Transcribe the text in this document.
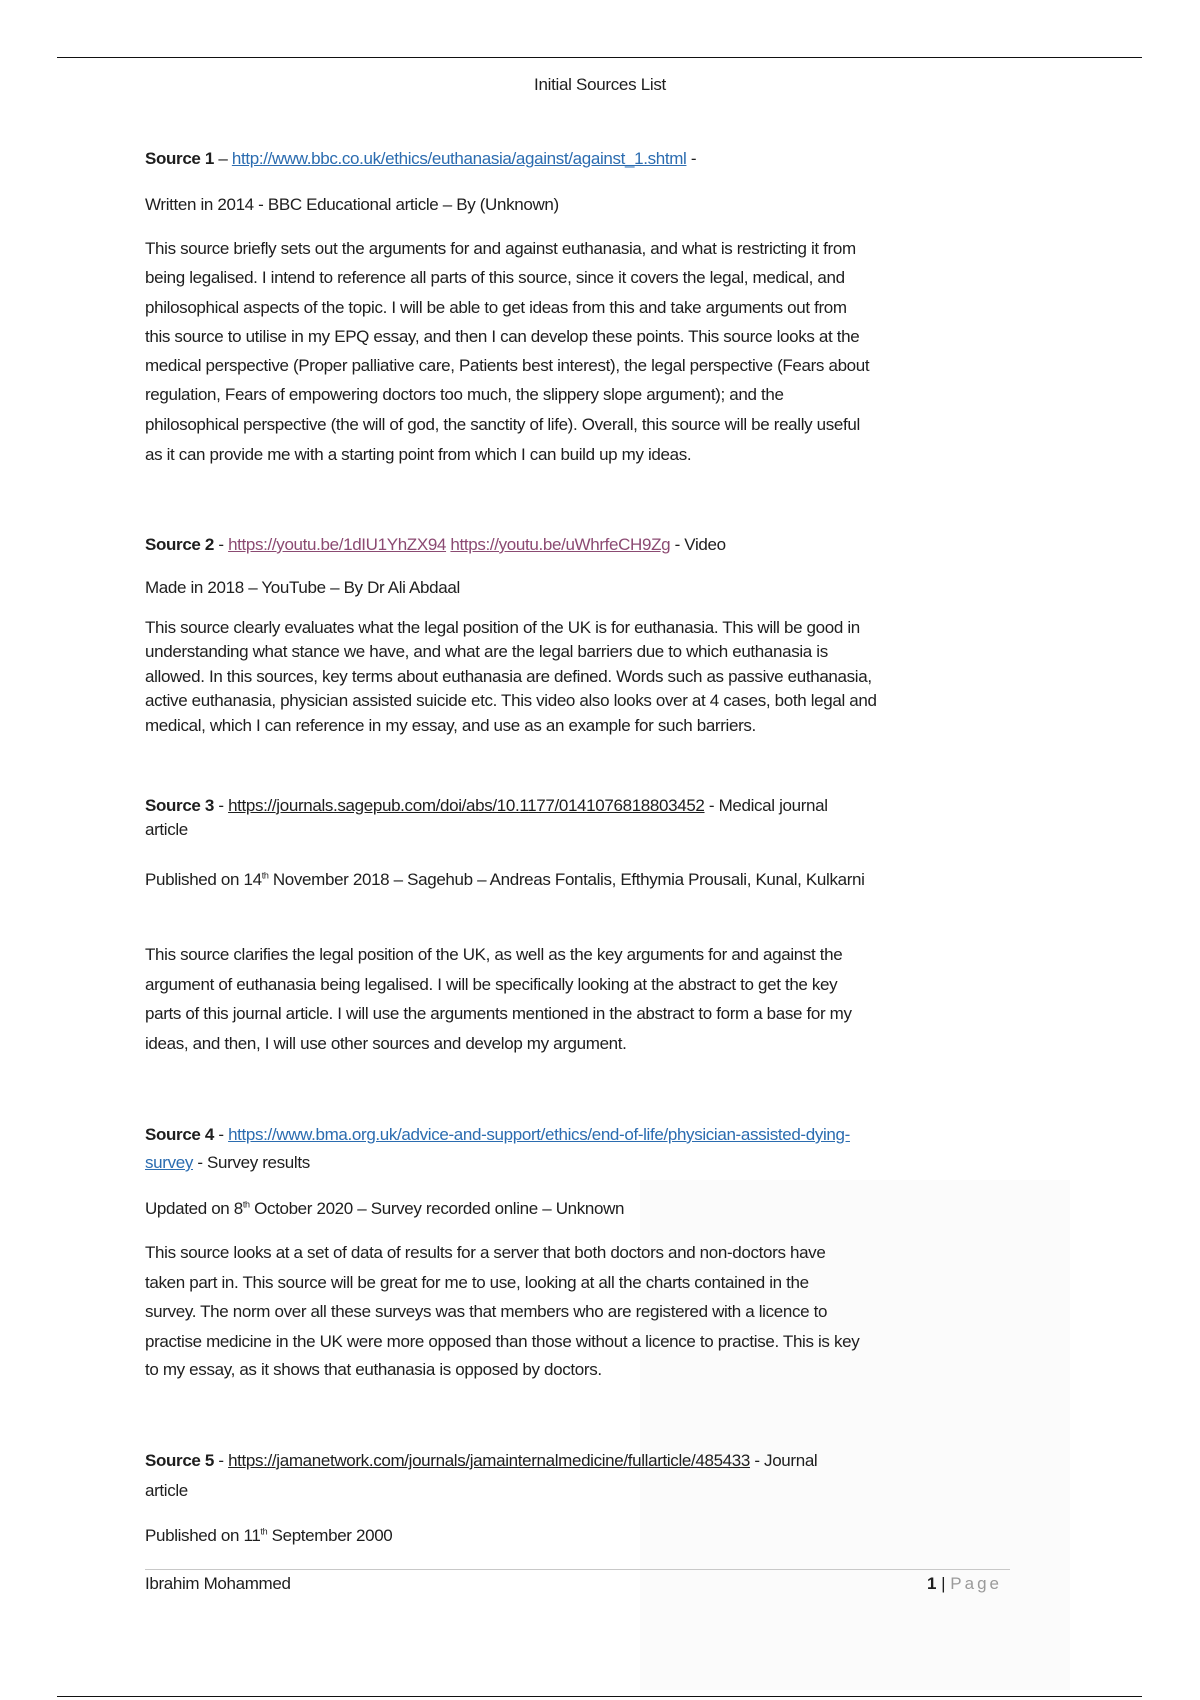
Initial Sources List
Source 1 – http://www.bbc.co.uk/ethics/euthanasia/against/against_1.shtml -
Written in 2014 - BBC Educational article – By (Unknown)
This source briefly sets out the arguments for and against euthanasia, and what is restricting it from
being legalised. I intend to reference all parts of this source, since it covers the legal, medical, and
philosophical aspects of the topic. I will be able to get ideas from this and take arguments out from
this source to utilise in my EPQ essay, and then I can develop these points. This source looks at the
medical perspective (Proper palliative care, Patients best interest), the legal perspective (Fears about
regulation, Fears of empowering doctors too much, the slippery slope argument); and the
philosophical perspective (the will of god, the sanctity of life). Overall, this source will be really useful
as it can provide me with a starting point from which I can build up my ideas.
Source 2 - https://youtu.be/1dIU1YhZX94 https://youtu.be/uWhrfeCH9Zg - Video
Made in 2018 – YouTube – By Dr Ali Abdaal
This source clearly evaluates what the legal position of the UK is for euthanasia. This will be good in
understanding what stance we have, and what are the legal barriers due to which euthanasia is
allowed. In this sources, key terms about euthanasia are defined. Words such as passive euthanasia,
active euthanasia, physician assisted suicide etc. This video also looks over at 4 cases, both legal and
medical, which I can reference in my essay, and use as an example for such barriers.
Source 3 - https://journals.sagepub.com/doi/abs/10.1177/0141076818803452 - Medical journal
article
Published on 14th November 2018 – Sagehub – Andreas Fontalis, Efthymia Prousali, Kunal, Kulkarni
This source clarifies the legal position of the UK, as well as the key arguments for and against the
argument of euthanasia being legalised. I will be specifically looking at the abstract to get the key
parts of this journal article. I will use the arguments mentioned in the abstract to form a base for my
ideas, and then, I will use other sources and develop my argument.
Source 4 - https://www.bma.org.uk/advice-and-support/ethics/end-of-life/physician-assisted-dying-
survey - Survey results
Updated on 8th October 2020 – Survey recorded online – Unknown
This source looks at a set of data of results for a server that both doctors and non-doctors have
taken part in. This source will be great for me to use, looking at all the charts contained in the
survey. The norm over all these surveys was that members who are registered with a licence to
practise medicine in the UK were more opposed than those without a licence to practise. This is key
to my essay, as it shows that euthanasia is opposed by doctors.
Source 5 - https://jamanetwork.com/journals/jamainternalmedicine/fullarticle/485433 - Journal
article
Published on 11th September 2000
Ibrahim Mohammed	1 | Page
